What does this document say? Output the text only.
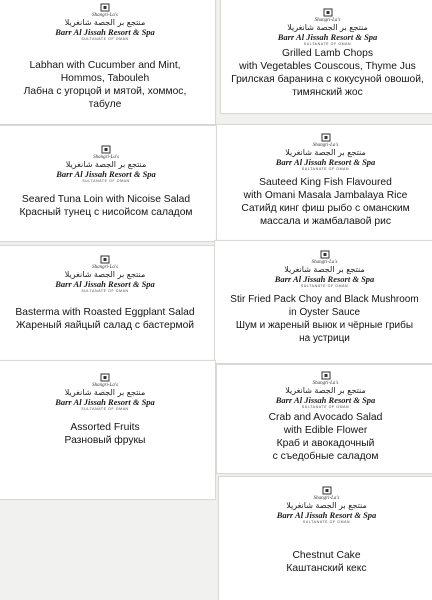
Shangri-La's
منتجع بر الجصة شانغريلا
Barr Al Jissah Resort & Spa
SULTANATE OF OMAN
Labhan with Cucumber and Mint,
Hommos, Tabouleh
Лабна с угорцой и мятой, хоммос,
табуле
Shangri-La's
منتجع بر الجصة شانغريلا
Barr Al Jissah Resort & Spa
SULTANATE OF OMAN
Grilled Lamb Chops
with Vegetables Couscous, Thyme Jus
Грилская баранина с кокусуной овошой,
тимянский жос
Shangri-La's
منتجع بر الجصة شانغريلا
Barr Al Jissah Resort & Spa
SULTANATE OF OMAN
Seared Tuna Loin with Nicoise Salad
Красный тунец с нисойсом саладом
Shangri-La's
منتجع بر الجصة شانغريلا
Barr Al Jissah Resort & Spa
SULTANATE OF OMAN
Sauteed King Fish Flavoured
with Omani Masala Jambalaya Rice
Сатийд кинг фиш рыбо с оманским
массала и жамбалавой рис
Shangri-La's
منتجع بر الجصة شانغريلا
Barr Al Jissah Resort & Spa
SULTANATE OF OMAN
Basterma with Roasted Eggplant Salad
Жареный яайцый салад с бастермой
Shangri-La's
منتجع بر الجصة شانغريلا
Barr Al Jissah Resort & Spa
SULTANATE OF OMAN
Stir Fried Pack Choy and Black Mushroom
in Oyster Sauce
Шум и жареный выюк и чёрные грибы
на устрици
Shangri-La's
منتجع بر الجصة شانغريلا
Barr Al Jissah Resort & Spa
SULTANATE OF OMAN
Assorted Fruits
Разновый фрукы
Shangri-La's
منتجع بر الجصة شانغريلا
Barr Al Jissah Resort & Spa
SULTANATE OF OMAN
Crab and Avocado Salad
with Edible Flower
Краб и авокадочный
с съедобные саладом
Shangri-La's
منتجع بر الجصة شانغريلا
Barr Al Jissah Resort & Spa
SULTANATE OF OMAN
Chestnut Cake
Каштанский кекс
